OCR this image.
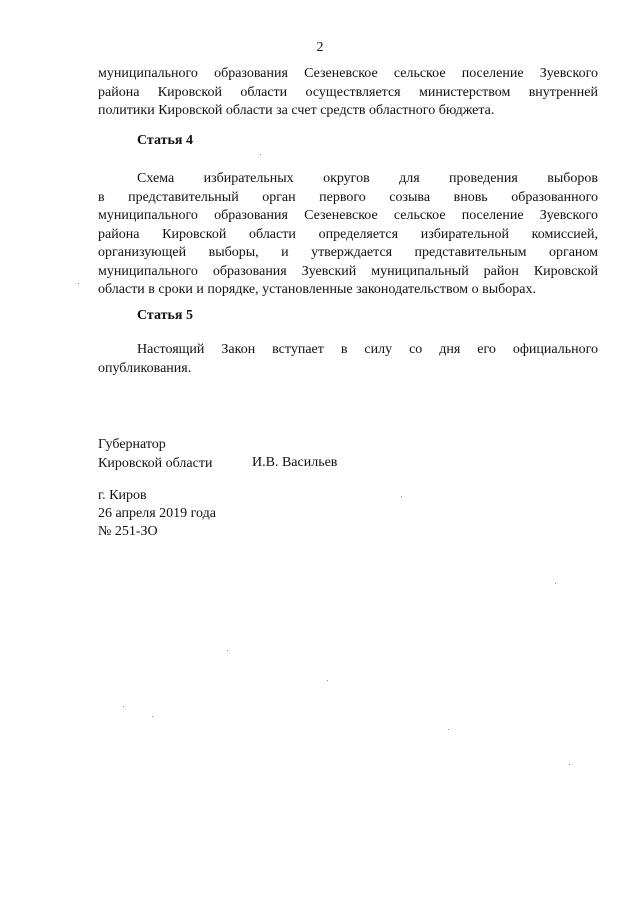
2
муниципального образования Сезеневское сельское поселение Зуевского
района Кировской области осуществляется министерством внутренней
политики Кировской области за счет средств областного бюджета.
Статья 4
Схема избирательных округов для проведения выборов
в представительный орган первого созыва вновь образованного
муниципального образования Сезеневское сельское поселение Зуевского
района Кировской области определяется избирательной комиссией,
организующей выборы, и утверждается представительным органом
муниципального образования Зуевский муниципальный район Кировской
области в сроки и порядке, установленные законодательством о выборах.
Статья 5
Настоящий Закон вступает в силу со дня его официального
опубликования.
Губернатор
Кировской области	И.В. Васильев
г. Киров
26 апреля 2019 года
№ 251-ЗО
